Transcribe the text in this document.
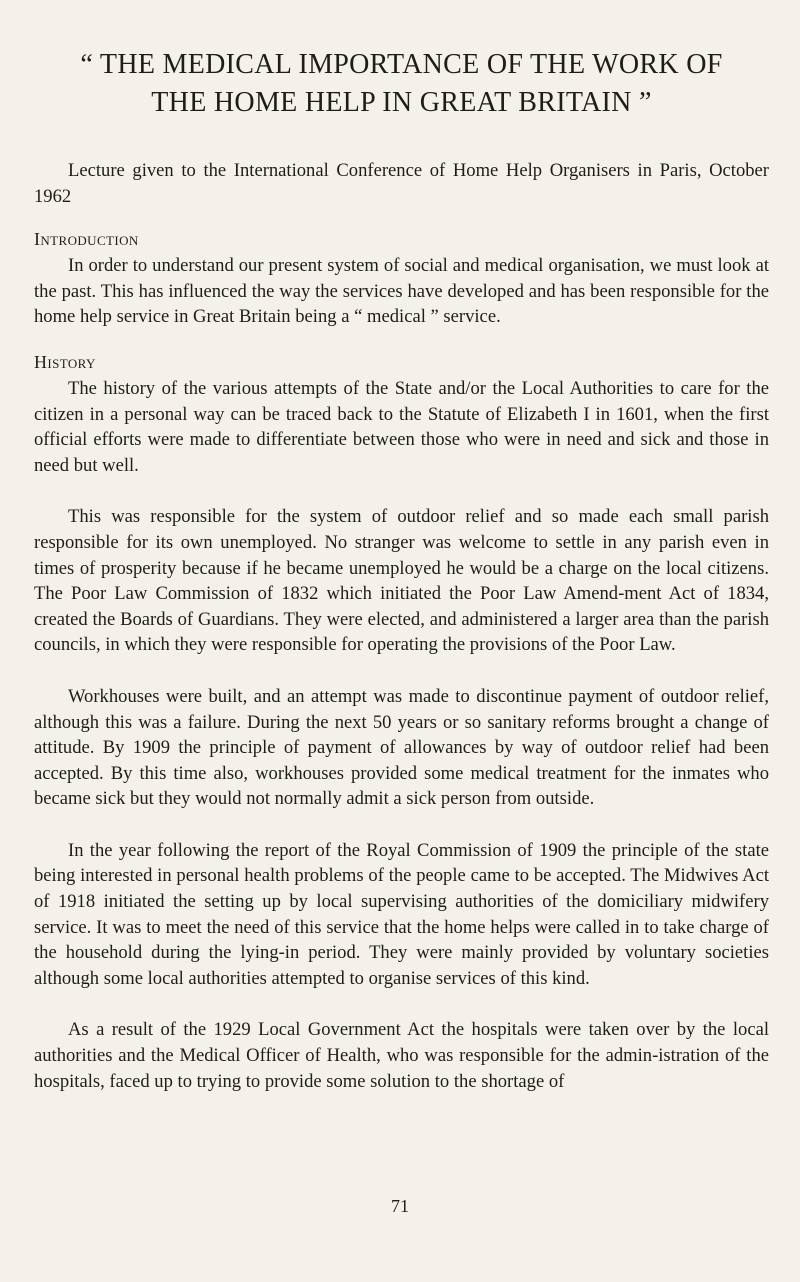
“ THE MEDICAL IMPORTANCE OF THE WORK OF
THE HOME HELP IN GREAT BRITAIN ”

Lecture given to the International Conference of Home Help Organisers in Paris, October 1962

Introduction

In order to understand our present system of social and medical organisation, we must look at the past. This has influenced the way the services have developed and has been responsible for the home help service in Great Britain being a “ medical ” service.

History

The history of the various attempts of the State and/or the Local Authorities to care for the citizen in a personal way can be traced back to the Statute of Elizabeth I in 1601, when the first official efforts were made to differentiate between those who were in need and sick and those in need but well.

This was responsible for the system of outdoor relief and so made each small parish responsible for its own unemployed. No stranger was welcome to settle in any parish even in times of prosperity because if he became unemployed he would be a charge on the local citizens. The Poor Law Commission of 1832 which initiated the Poor Law Amend-ment Act of 1834, created the Boards of Guardians. They were elected, and administered a larger area than the parish councils, in which they were responsible for operating the provisions of the Poor Law.

Workhouses were built, and an attempt was made to discontinue payment of outdoor relief, although this was a failure. During the next 50 years or so sanitary reforms brought a change of attitude. By 1909 the principle of payment of allowances by way of outdoor relief had been accepted. By this time also, workhouses provided some medical treatment for the inmates who became sick but they would not normally admit a sick person from outside.

In the year following the report of the Royal Commission of 1909 the principle of the state being interested in personal health problems of the people came to be accepted. The Midwives Act of 1918 initiated the setting up by local supervising authorities of the domiciliary midwifery service. It was to meet the need of this service that the home helps were called in to take charge of the household during the lying-in period. They were mainly provided by voluntary societies although some local authorities attempted to organise services of this kind.

As a result of the 1929 Local Government Act the hospitals were taken over by the local authorities and the Medical Officer of Health, who was responsible for the admin-istration of the hospitals, faced up to trying to provide some solution to the shortage of

71
